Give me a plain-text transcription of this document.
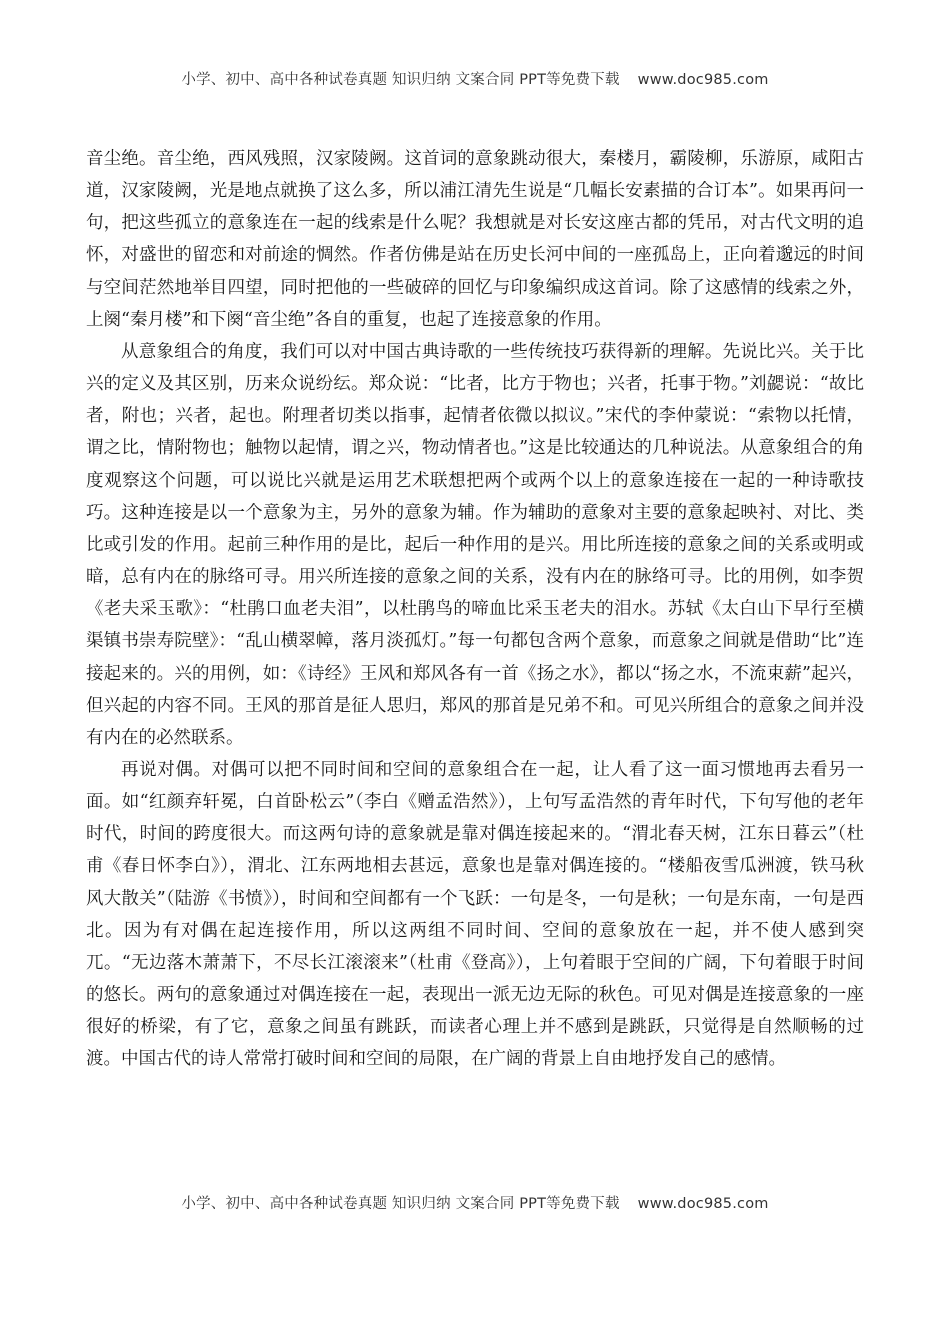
小学、初中、高中各种试卷真题 知识归纳 文案合同 PPT等免费下载 www.doc985.com

音尘绝。音尘绝，西风残照，汉家陵阙。这首词的意象跳动很大，秦楼月，霸陵柳，乐游原，咸阳古道，汉家陵阙，光是地点就换了这么多，所以浦江清先生说是“几幅长安素描的合订本”。如果再问一句，把这些孤立的意象连在一起的线索是什么呢？我想就是对长安这座古都的凭吊，对古代文明的追怀，对盛世的留恋和对前途的惆然。作者仿佛是站在历史长河中间的一座孤岛上，正向着邈远的时间与空间茫然地举目四望，同时把他的一些破碎的回忆与印象编织成这首词。除了这感情的线索之外，上阕“秦月楼”和下阕“音尘绝”各自的重复，也起了连接意象的作用。

从意象组合的角度，我们可以对中国古典诗歌的一些传统技巧获得新的理解。先说比兴。关于比兴的定义及其区别，历来众说纷纭。郑众说：“比者，比方于物也；兴者，托事于物。”刘勰说：“故比者，附也；兴者，起也。附理者切类以指事，起情者依微以拟议。”宋代的李仲蒙说：“索物以托情，谓之比，情附物也；触物以起情，谓之兴，物动情者也。”这是比较通达的几种说法。从意象组合的角度观察这个问题，可以说比兴就是运用艺术联想把两个或两个以上的意象连接在一起的一种诗歌技巧。这种连接是以一个意象为主，另外的意象为辅。作为辅助的意象对主要的意象起映衬、对比、类比或引发的作用。起前三种作用的是比，起后一种作用的是兴。用比所连接的意象之间的关系或明或暗，总有内在的脉络可寻。用兴所连接的意象之间的关系，没有内在的脉络可寻。比的用例，如李贺《老夫采玉歌》：“杜鹃口血老夫泪”，以杜鹃鸟的啼血比采玉老夫的泪水。苏轼《太白山下早行至横渠镇书崇寿院壁》：“乱山横翠幛，落月淡孤灯。”每一句都包含两个意象，而意象之间就是借助“比”连接起来的。兴的用例，如：《诗经》王风和郑风各有一首《扬之水》，都以“扬之水，不流束薪”起兴，但兴起的内容不同。王风的那首是征人思归，郑风的那首是兄弟不和。可见兴所组合的意象之间并没有内在的必然联系。

再说对偶。对偶可以把不同时间和空间的意象组合在一起，让人看了这一面习惯地再去看另一面。如“红颜弃轩冕，白首卧松云”（李白《赠孟浩然》），上句写孟浩然的青年时代，下句写他的老年时代，时间的跨度很大。而这两句诗的意象就是靠对偶连接起来的。“渭北春天树，江东日暮云”（杜甫《春日怀李白》），渭北、江东两地相去甚远，意象也是靠对偶连接的。“楼船夜雪瓜洲渡，铁马秋风大散关”（陆游《书愤》），时间和空间都有一个飞跃：一句是冬，一句是秋；一句是东南，一句是西北。因为有对偶在起连接作用，所以这两组不同时间、空间的意象放在一起，并不使人感到突兀。“无边落木萧萧下，不尽长江滚滚来”（杜甫《登高》），上句着眼于空间的广阔，下句着眼于时间的悠长。两句的意象通过对偶连接在一起，表现出一派无边无际的秋色。可见对偶是连接意象的一座很好的桥梁，有了它，意象之间虽有跳跃，而读者心理上并不感到是跳跃，只觉得是自然顺畅的过渡。中国古代的诗人常常打破时间和空间的局限，在广阔的背景上自由地抒发自己的感情。

小学、初中、高中各种试卷真题 知识归纳 文案合同 PPT等免费下载 www.doc985.com
